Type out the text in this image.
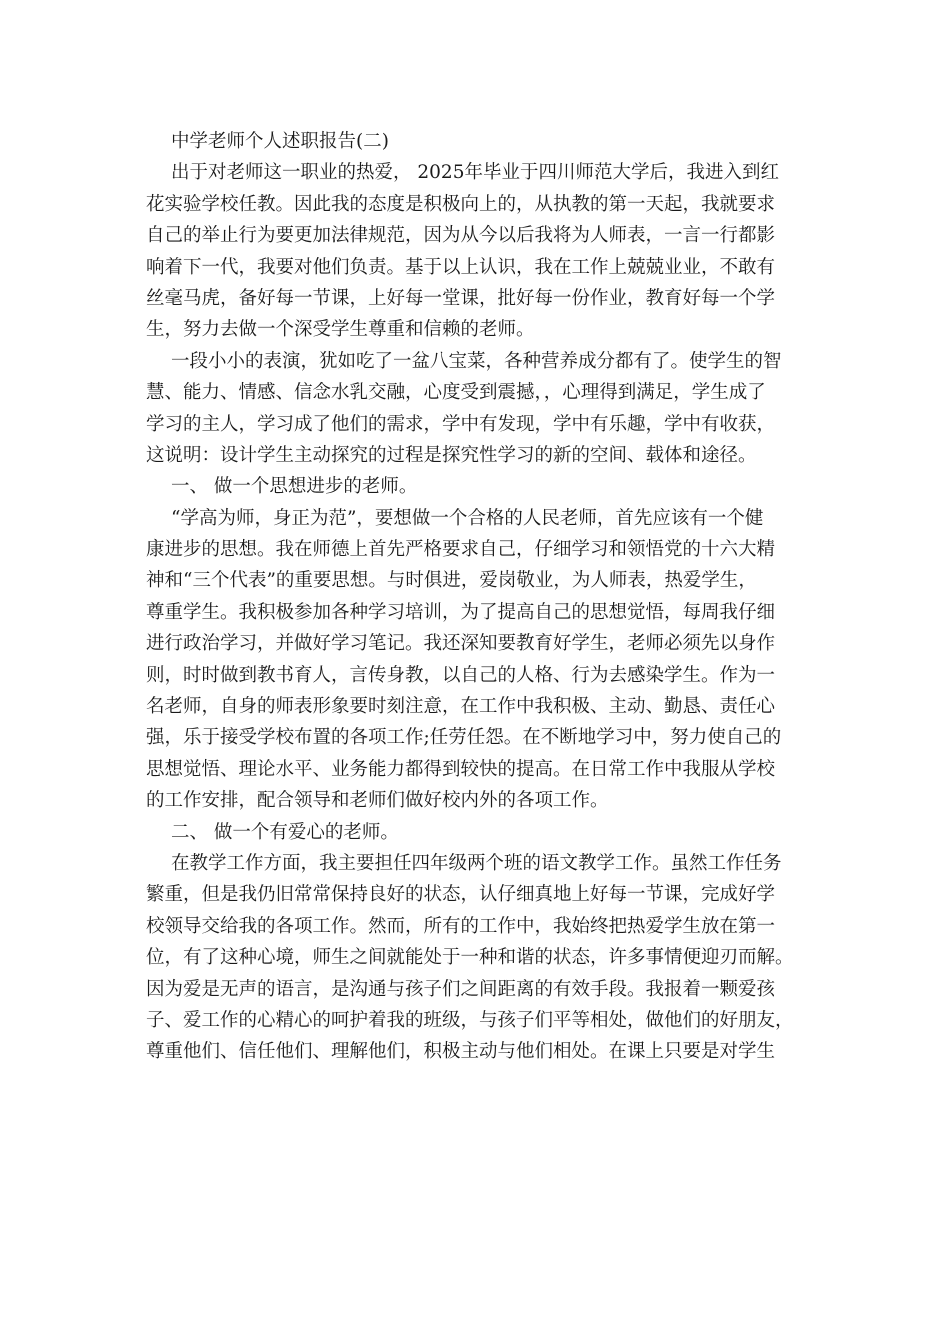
中学老师个人述职报告(二)
出于对老师这一职业的热爱， 2025年毕业于四川师范大学后，我进入到红
花实验学校任教。因此我的态度是积极向上的，从执教的第一天起，我就要求
自己的举止行为要更加法律规范，因为从今以后我将为人师表，一言一行都影
响着下一代，我要对他们负责。基于以上认识，我在工作上兢兢业业，不敢有
丝毫马虎，备好每一节课，上好每一堂课，批好每一份作业，教育好每一个学
生，努力去做一个深受学生尊重和信赖的老师。
一段小小的表演，犹如吃了一盆八宝菜，各种营养成分都有了。使学生的智
慧、能力、情感、信念水乳交融，心度受到震撼，，心理得到满足，学生成了
学习的主人，学习成了他们的需求，学中有发现，学中有乐趣，学中有收获，
这说明：设计学生主动探究的过程是探究性学习的新的空间、载体和途径。
一、 做一个思想进步的老师。
“学高为师，身正为范”，要想做一个合格的人民老师，首先应该有一个健
康进步的思想。我在师德上首先严格要求自己，仔细学习和领悟党的十六大精
神和“三个代表”的重要思想。与时俱进，爱岗敬业，为人师表，热爱学生，
尊重学生。我积极参加各种学习培训，为了提高自己的思想觉悟，每周我仔细
进行政治学习，并做好学习笔记。我还深知要教育好学生，老师必须先以身作
则，时时做到教书育人，言传身教，以自己的人格、行为去感染学生。作为一
名老师，自身的师表形象要时刻注意，在工作中我积极、主动、勤恳、责任心
强，乐于接受学校布置的各项工作;任劳任怨。在不断地学习中，努力使自己的
思想觉悟、理论水平、业务能力都得到较快的提高。在日常工作中我服从学校
的工作安排，配合领导和老师们做好校内外的各项工作。
二、 做一个有爱心的老师。
在教学工作方面，我主要担任四年级两个班的语文教学工作。虽然工作任务
繁重，但是我仍旧常常保持良好的状态，认仔细真地上好每一节课，完成好学
校领导交给我的各项工作。然而，所有的工作中，我始终把热爱学生放在第一
位，有了这种心境，师生之间就能处于一种和谐的状态，许多事情便迎刃而解。
因为爱是无声的语言，是沟通与孩子们之间距离的有效手段。我报着一颗爱孩
子、爱工作的心精心的呵护着我的班级，与孩子们平等相处，做他们的好朋友，
尊重他们、信任他们、理解他们，积极主动与他们相处。在课上只要是对学生
